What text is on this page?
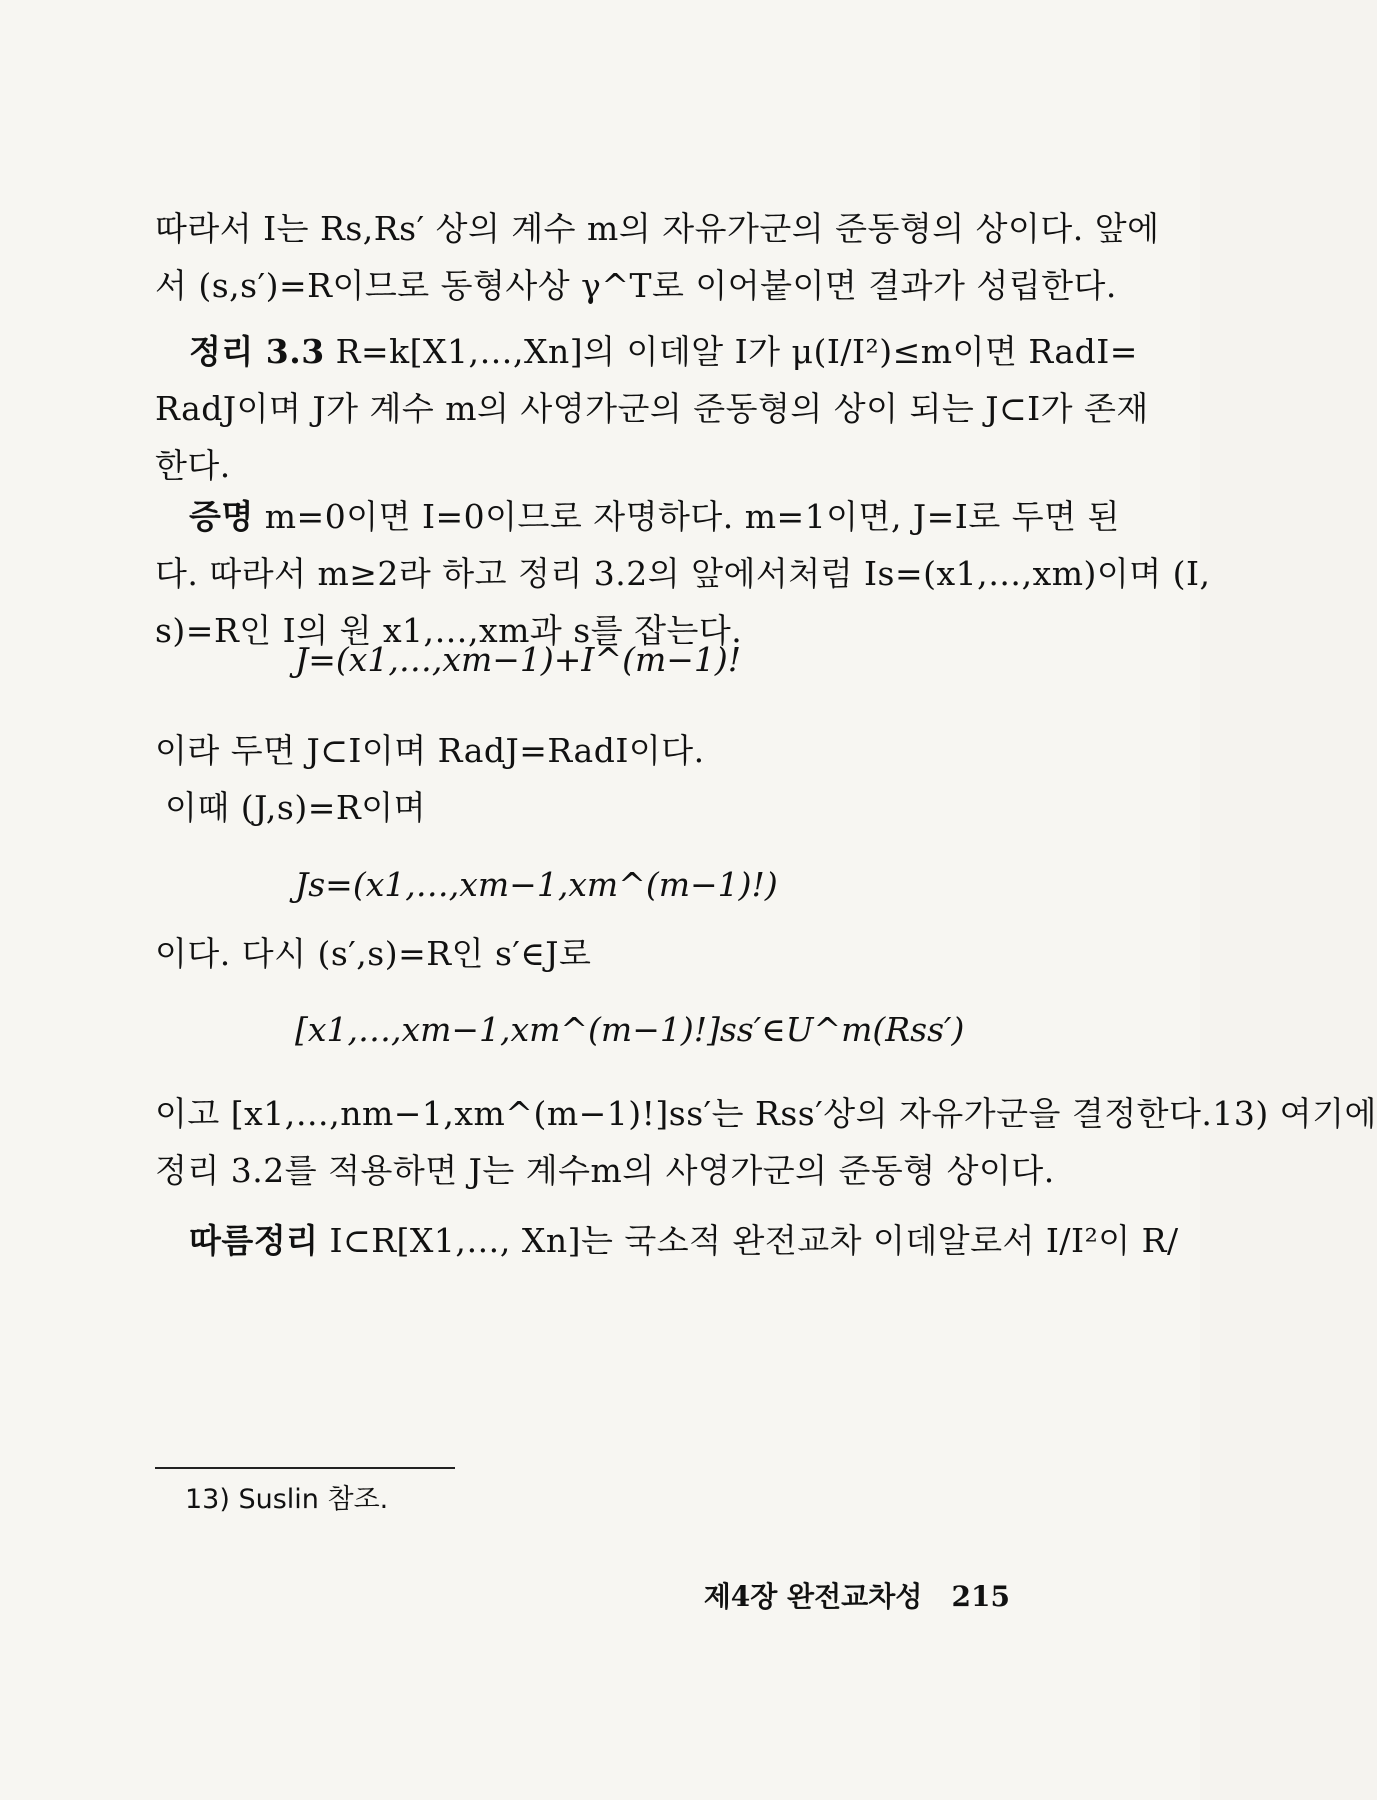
따라서 I는 Rs,Rs′ 상의 계수 m의 자유가군의 준동형의 상이다. 앞에
서 (s,s′)=R이므로 동형사상 γ^T로 이어붙이면 결과가 성립한다.
정리 3.3 R=k[X1,…,Xn]의 이데알 I가 μ(I/I²)≤m이면 RadI=
RadJ이며 J가 계수 m의 사영가군의 준동형의 상이 되는 J⊂I가 존재
한다.
증명 m=0이면 I=0이므로 자명하다. m=1이면, J=I로 두면 된
다. 따라서 m≥2라 하고 정리 3.2의 앞에서처럼 Is=(x1,…,xm)이며 (I,
s)=R인 I의 원 x1,…,xm과 s를 잡는다.
J=(x1,…,xm−1)+I^(m−1)!
이라 두면 J⊂I이며 RadJ=RadI이다.
이때 (J,s)=R이며
Js=(x1,…,xm−1,xm^(m−1)!)
이다. 다시 (s′,s)=R인 s′∈J로
[x1,…,xm−1,xm^(m−1)!]ss′∈U^m(Rss′)
이고 [x1,…,nm−1,xm^(m−1)!]ss′는 Rss′상의 자유가군을 결정한다.13) 여기에
정리 3.2를 적용하면 J는 계수m의 사영가군의 준동형 상이다.
따름정리 I⊂R[X1,…, Xn]는 국소적 완전교차 이데알로서 I/I²이 R/
13) Suslin 참조.
제4장 완전교차성 215
